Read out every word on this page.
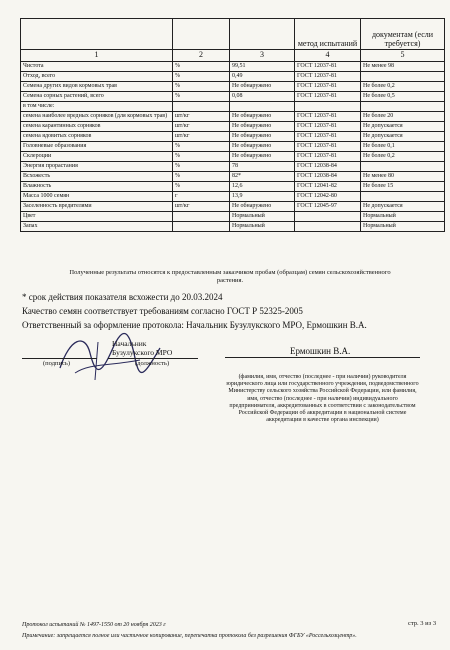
			метод испытаний	документам (если требуется)
1	2	3	4	5
Чистота	%	99,51	ГОСТ 12037-81	Не менее 98
Отход, всего	%	0,49	ГОСТ 12037-81	
Семена других видов кормовых трав	%	Не обнаружено	ГОСТ 12037-81	Не более 0,2
Семена сорных растений, всего	%	0,08	ГОСТ 12037-81	Не более 0,5
в том числе:				
семена наиболее вредных сорняков (для кормовых трав)	шт/кг	Не обнаружено	ГОСТ 12037-81	Не более 20
семена карантинных сорняков	шт/кг	Не обнаружено	ГОСТ 12037-81	Не допускается
семена ядовитых сорняков	шт/кг	Не обнаружено	ГОСТ 12037-81	Не допускается
Головневые образования	%	Не обнаружено	ГОСТ 12037-81	Не более 0,1
Склероции	%	Не обнаружено	ГОСТ 12037-81	Не более 0,2
Энергия прорастания	%	78	ГОСТ 12038-84	
Всхожесть	%	82*	ГОСТ 12038-84	Не менее 80
Влажность	%	12,6	ГОСТ 12041-82	Не более 15
Масса 1000 семян	г	13,9	ГОСТ 12042-80	
Заселенность вредителями	шт/кг	Не обнаружено	ГОСТ 12045-97	Не допускается
Цвет		Нормальный		Нормальный
Запах		Нормальный		Нормальный
Полученные результаты относятся к предоставленным заказчиком пробам (образцам) семян сельскохозяйственного растения.
* срок действия показателя всхожести до 20.03.2024
Качество семян соответствует требованиям согласно ГОСТ Р 52325-2005
Ответственный за оформление протокола: Начальник Бузулукского МРО, Ермошкин В.А.
Начальник
Бузулукского МРО	Ермошкин В.А.
(подпись)	(должность)
(фамилия, имя, отчество (последнее - при наличии) руководителя юридического лица или государственного учреждения, подведомственного Министерству сельского хозяйства Российской Федерации, или фамилия, имя, отчество (последнее - при наличии) индивидуального предпринимателя, аккредитованных в соответствии с законодательством Российской Федерации об аккредитации в национальной системе аккредитации в качестве органа инспекции)
Протокол испытаний № 1497-1550 от 20 ноября 2023 г	стр. 3 из 3
Примечание: запрещается полное или частичное копирование, перепечатка протокола без разрешения ФГБУ «Россельхозцентр».
